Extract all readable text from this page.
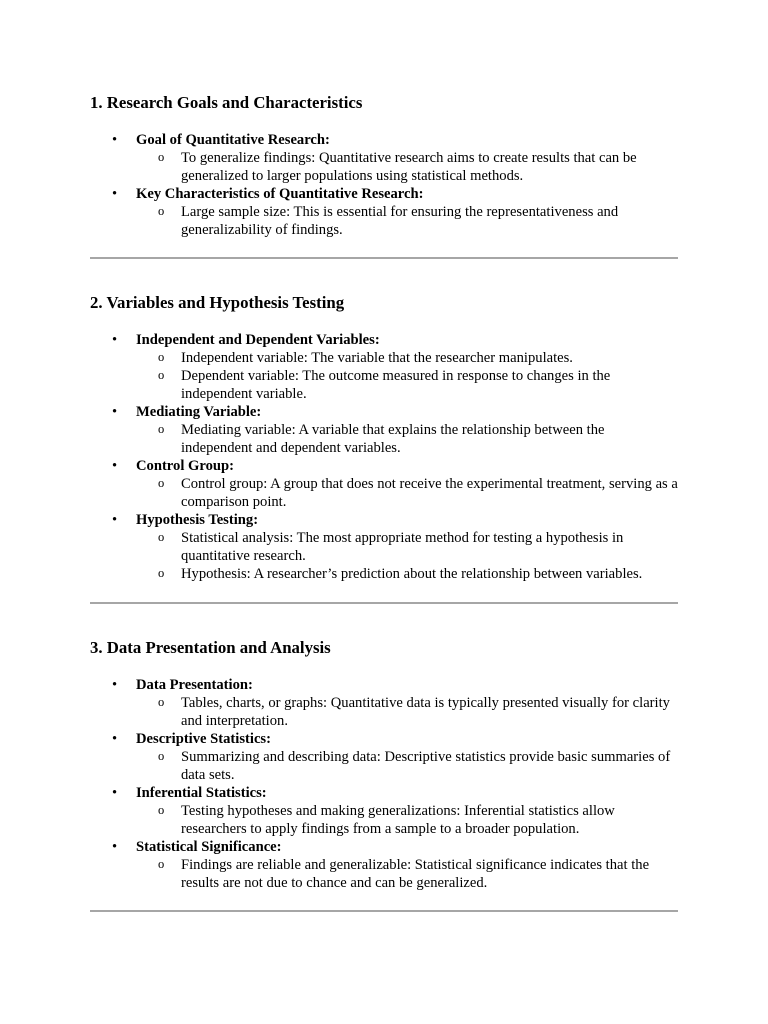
1. Research Goals and Characteristics
• Goal of Quantitative Research:
o To generalize findings: Quantitative research aims to create results that can be generalized to larger populations using statistical methods.
• Key Characteristics of Quantitative Research:
o Large sample size: This is essential for ensuring the representativeness and generalizability of findings.
2. Variables and Hypothesis Testing
• Independent and Dependent Variables:
o Independent variable: The variable that the researcher manipulates.
o Dependent variable: The outcome measured in response to changes in the independent variable.
• Mediating Variable:
o Mediating variable: A variable that explains the relationship between the independent and dependent variables.
• Control Group:
o Control group: A group that does not receive the experimental treatment, serving as a comparison point.
• Hypothesis Testing:
o Statistical analysis: The most appropriate method for testing a hypothesis in quantitative research.
o Hypothesis: A researcher’s prediction about the relationship between variables.
3. Data Presentation and Analysis
• Data Presentation:
o Tables, charts, or graphs: Quantitative data is typically presented visually for clarity and interpretation.
• Descriptive Statistics:
o Summarizing and describing data: Descriptive statistics provide basic summaries of data sets.
• Inferential Statistics:
o Testing hypotheses and making generalizations: Inferential statistics allow researchers to apply findings from a sample to a broader population.
• Statistical Significance:
o Findings are reliable and generalizable: Statistical significance indicates that the results are not due to chance and can be generalized.
